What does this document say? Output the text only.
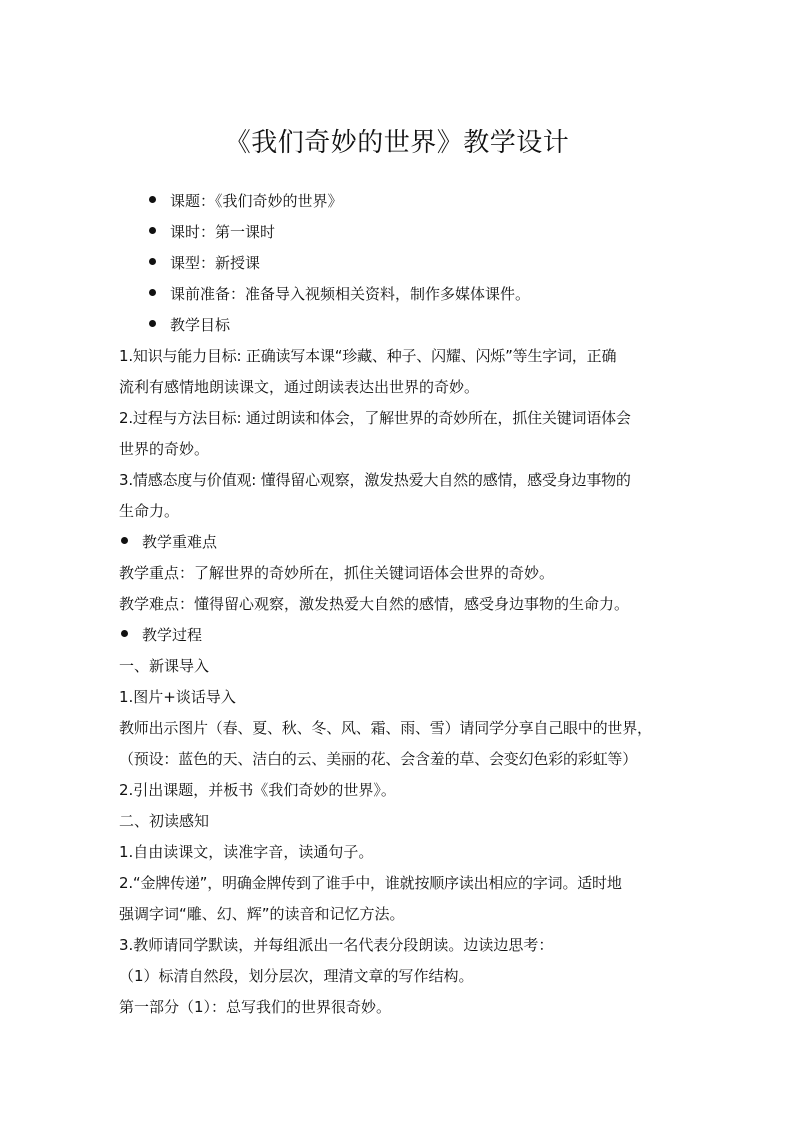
《我们奇妙的世界》教学设计
课题：《我们奇妙的世界》
课时：第一课时
课型：新授课
课前准备：准备导入视频相关资料，制作多媒体课件。
教学目标
1.知识与能力目标: 正确读写本课“珍藏、种子、闪耀、闪烁”等生字词，正确
流利有感情地朗读课文，通过朗读表达出世界的奇妙。
2.过程与方法目标: 通过朗读和体会，了解世界的奇妙所在，抓住关键词语体会
世界的奇妙。
3.情感态度与价值观: 懂得留心观察，激发热爱大自然的感情，感受身边事物的
生命力。
教学重难点
教学重点：了解世界的奇妙所在，抓住关键词语体会世界的奇妙。
教学难点：懂得留心观察，激发热爱大自然的感情，感受身边事物的生命力。
教学过程
一、新课导入
1.图片+谈话导入
教师出示图片（春、夏、秋、冬、风、霜、雨、雪）请同学分享自己眼中的世界，
（预设：蓝色的天、洁白的云、美丽的花、会含羞的草、会变幻色彩的彩虹等）
2.引出课题，并板书《我们奇妙的世界》。
二、初读感知
1.自由读课文，读准字音，读通句子。
2.“金牌传递”，明确金牌传到了谁手中，谁就按顺序读出相应的字词。适时地
强调字词“雕、幻、辉”的读音和记忆方法。
3.教师请同学默读，并每组派出一名代表分段朗读。边读边思考：
（1）标清自然段，划分层次，理清文章的写作结构。
第一部分（1）：总写我们的世界很奇妙。
